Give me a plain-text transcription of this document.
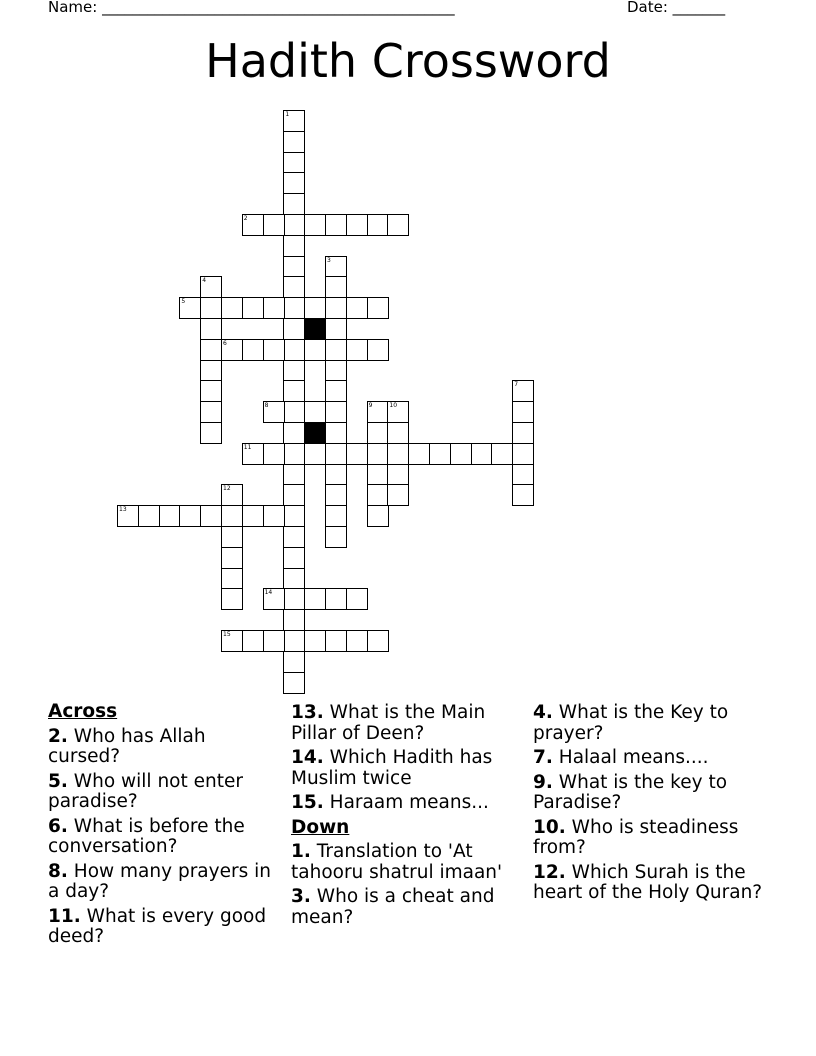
Name: _______________________________________________	Date: _______
Hadith Crossword
1
2
3
4
5
6
7
8	9	10
11
12
13
14
15
Across
2. Who has Allah cursed?
5. Who will not enter paradise?
6. What is before the conversation?
8. How many prayers in a day?
11. What is every good deed?
13. What is the Main Pillar of Deen?
14. Which Hadith has Muslim twice
15. Haraam means...
Down
1. Translation to 'At tahooru shatrul imaan'
3. Who is a cheat and mean?
4. What is the Key to prayer?
7. Halaal means....
9. What is the key to Paradise?
10. Who is steadiness from?
12. Which Surah is the heart of the Holy Quran?
